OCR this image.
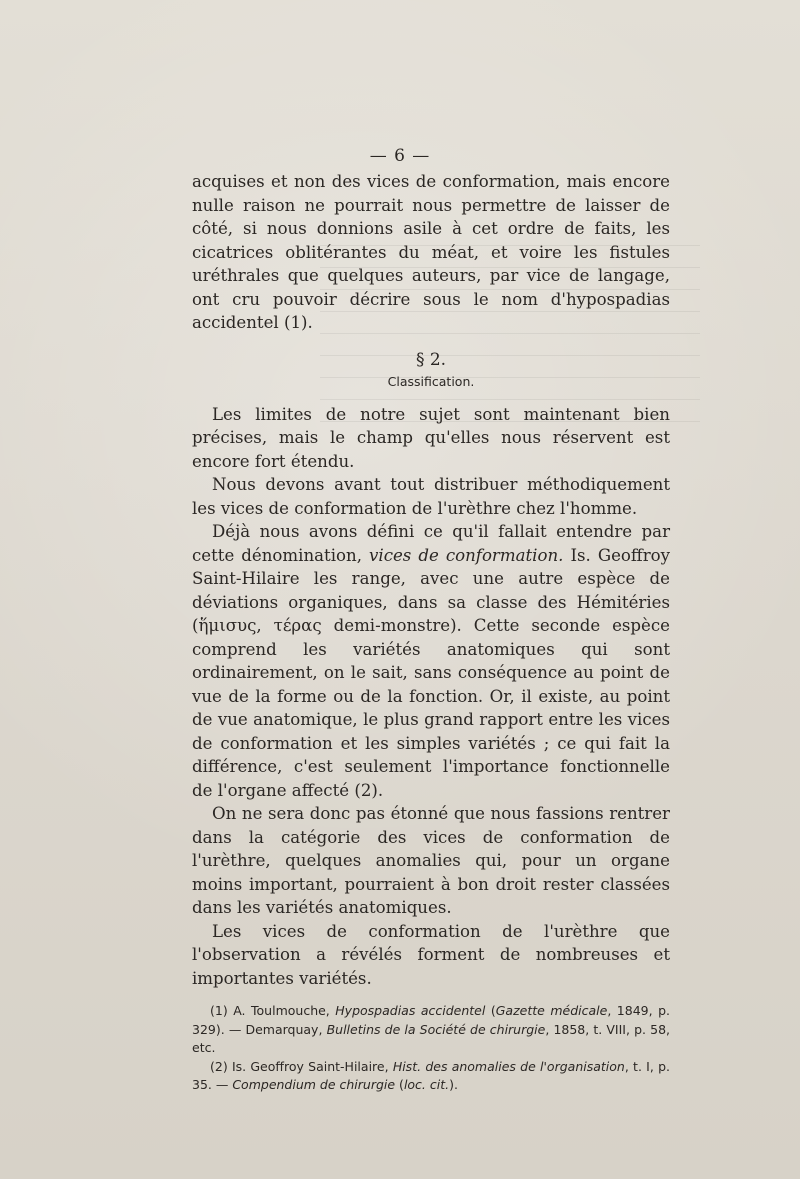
— 6 —

acquises et non des vices de conformation, mais encore nulle raison ne pourrait nous permettre de laisser de côté, si nous donnions asile à cet ordre de faits, les cicatrices oblitérantes du méat, et voire les fistules uréthrales que quelques auteurs, par vice de langage, ont cru pouvoir décrire sous le nom d'hypospadias accidentel (1).

§ 2.
Classification.

Les limites de notre sujet sont maintenant bien précises, mais le champ qu'elles nous réservent est encore fort étendu.

Nous devons avant tout distribuer méthodiquement les vices de conformation de l'urèthre chez l'homme.

Déjà nous avons défini ce qu'il fallait entendre par cette dénomination, vices de conformation. Is. Geoffroy Saint-Hilaire les range, avec une autre espèce de déviations organiques, dans sa classe des Hémitéries (ἥμισυς, τέρας demi-monstre). Cette seconde espèce comprend les variétés anatomiques qui sont ordinairement, on le sait, sans conséquence au point de vue de la forme ou de la fonction. Or, il existe, au point de vue anatomique, le plus grand rapport entre les vices de conformation et les simples variétés ; ce qui fait la différence, c'est seulement l'importance fonctionnelle de l'organe affecté (2).

On ne sera donc pas étonné que nous fassions rentrer dans la catégorie des vices de conformation de l'urèthre, quelques anomalies qui, pour un organe moins important, pourraient à bon droit rester classées dans les variétés anatomiques.

Les vices de conformation de l'urèthre que l'observation a révélés forment de nombreuses et importantes variétés.

(1) A. Toulmouche, Hypospadias accidentel (Gazette médicale, 1849, p. 329). — Demarquay, Bulletins de la Société de chirurgie, 1858, t. VIII, p. 58, etc.

(2) Is. Geoffroy Saint-Hilaire, Hist. des anomalies de l'organisation, t. I, p. 35. — Compendium de chirurgie (loc. cit.).
